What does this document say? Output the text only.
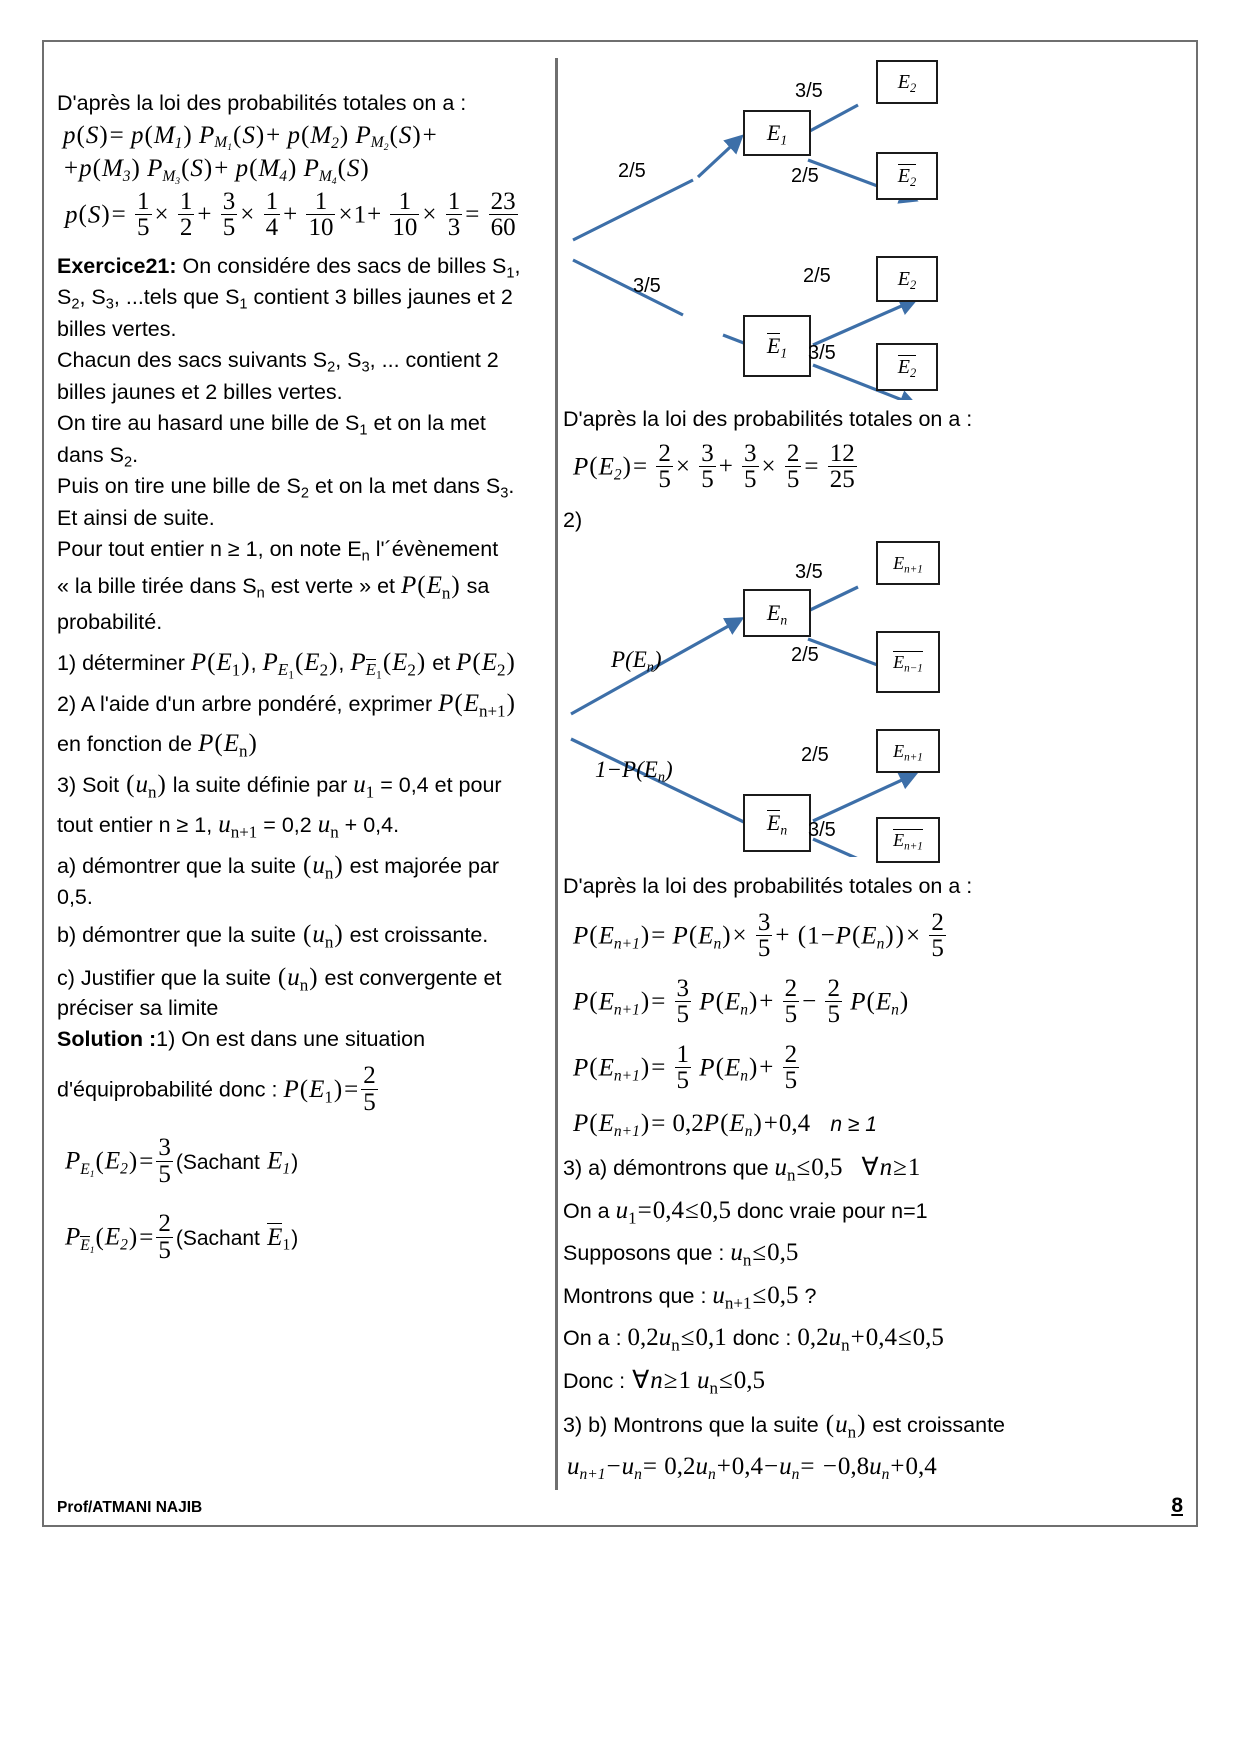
D'après la loi des probabilités totales on a :
$p(S)= p(M_1)$ $P_{M_1}(S)+ p(M_2)$ $P_{M_2}(S)+$
$+p(M_3)$ $P_{M_3}(S)+ p(M_4)$ $P_{M_4}(S)$
$p(S)= \frac{1}{5} \times \frac{1}{2} + \frac{3}{5} \times \frac{1}{4} + \frac{1}{10} \times 1+ \frac{1}{10} \times \frac{1}{3} = \frac{23}{60}$
Exercice21: On considére des sacs de billes $S_1$,
$S_2$, $S_3$, ...tels que $S_1$ contient 3 billes jaunes et 2
billes vertes.
Chacun des sacs suivants $S_2$, $S_3$, ... contient 2
billes jaunes et 2 billes vertes.
On tire au hasard une bille de $S_1$ et on la met
dans $S_2$.
Puis on tire une bille de $S_2$ et on la met dans $S_3$.
Et ainsi de suite.
Pour tout entier n ≥ 1, on note $E_n$ l'´évènement
« la bille tirée dans $S_n$ est verte » et $P(E_n)$ sa
probabilité.
1) déterminer $P(E_1)$, $P_{E_1}(E_2)$, $P_{E_1}(E_2)$ et $P(E_2)$
2) A l'aide d'un arbre pondéré, exprimer $P(E_{n+1})$
en fonction de $P(E_n)$
3) Soit $(u_n)$ la suite définie par $u_1 = 0,4$ et pour
tout entier n ≥ 1, $u_{n+1} = 0,2$ $u_n + 0,4$.
a) démontrer que la suite $(u_n)$ est majorée par
0,5.
b) démontrer que la suite $(u_n)$ est croissante.
c) Justifier que la suite $(u_n)$ est convergente et
préciser sa limite
Solution :1) On est dans une situation
d'équiprobabilité donc : $P(E_1)= \frac{2}{5}$
$P_{E_1}(E_2)= \frac{3}{5}$ (Sachant $E_1$)
$P_{E_1}(E_2)= \frac{2}{5}$ (Sachant $E_1$)
2/5
3/5
$E_1$
$E_1$
3/5
2/5
2/5
3/5
$E_2$
$E_2$
$E_2$
$E_2$
D'après la loi des probabilités totales on a :
$P(E_2)= \frac{2}{5} \times \frac{3}{5} + \frac{3}{5} \times \frac{2}{5} = \frac{12}{25}$
2)
$P(E_n)$
$1-P(E_n)$
$E_n$
$E_n$
3/5
2/5
2/5
3/5
$E_{n+1}$
$E_{n-1}$
$E_{n+1}$
$E_{n+1}$
D'après la loi des probabilités totales on a :
$P(E_{n+1})= P(E_n)\times \frac{3}{5} + (1-P(E_n))\times \frac{2}{5}$
$P(E_{n+1})= \frac{3}{5} P(E_n)+ \frac{2}{5} - \frac{2}{5} P(E_n)$
$P(E_{n+1})= \frac{1}{5} P(E_n)+ \frac{2}{5}$
$P(E_{n+1})= 0,2P(E_n)+0,4$ n ≥ 1
3) a) démontrons que $u_n\le 0,5$ ∀n≥1
On a $u_1=0,4\le 0,5$ donc vraie pour n=1
Supposons que : $u_n\le 0,5$
Montrons que : $u_{n+1}\le 0,5$ ?
On a : $0,2u_n\le 0,1$ donc : $0,2u_n+0,4\le 0,5$
Donc : ∀n≥1 $u_n\le 0,5$
3) b) Montrons que la suite $(u_n)$ est croissante
$u_{n+1}-u_n= 0,2u_n+0,4-u_n= -0,8u_n+0,4$
Prof/ATMANI NAJIB	8
